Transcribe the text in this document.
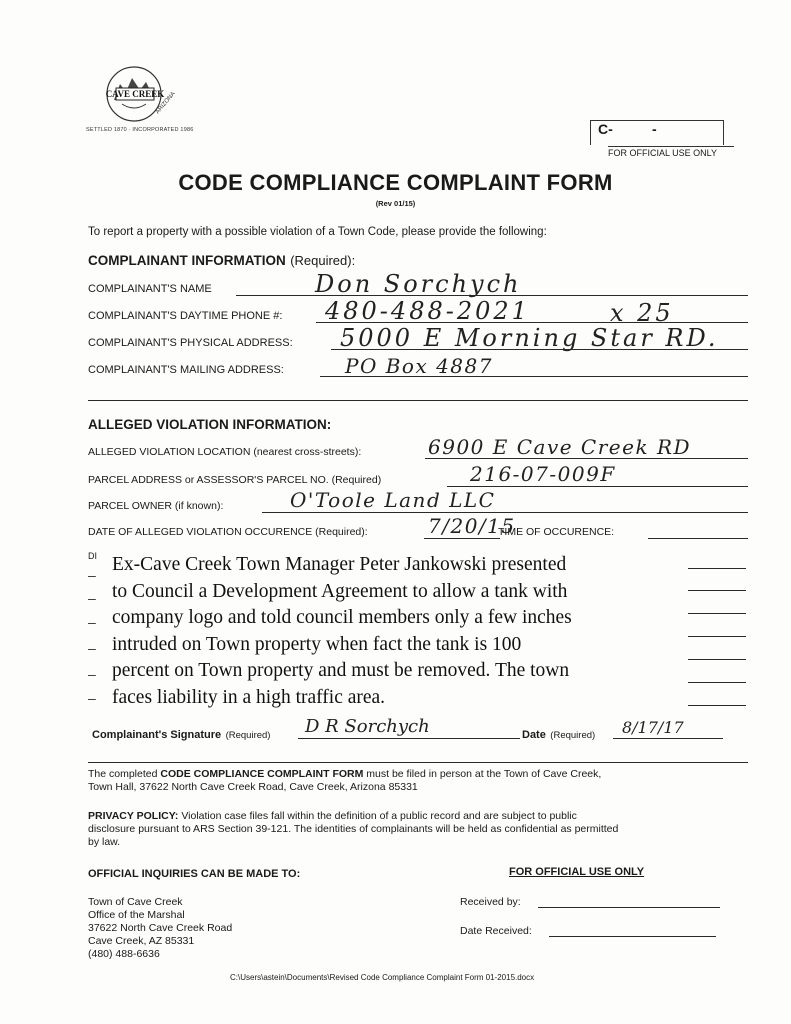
CAVE CREEK
ARIZONA
SETTLED 1870 · INCORPORATED 1986	C-	-
FOR OFFICIAL USE ONLY
CODE COMPLIANCE COMPLAINT FORM
(Rev 01/15)
To report a property with a possible violation of a Town Code, please provide the following:
COMPLAINANT INFORMATION (Required):
COMPLAINANT'S NAME	Don Sorchych
COMPLAINANT'S DAYTIME PHONE #: 480-488-2021	x 25
COMPLAINANT'S PHYSICAL ADDRESS: 5000 E Morning Star RD.
COMPLAINANT'S MAILING ADDRESS:	PO Box 4887
ALLEGED VIOLATION INFORMATION:
ALLEGED VIOLATION LOCATION (nearest cross-streets):	6900 E Cave Creek RD
PARCEL ADDRESS or ASSESSOR'S PARCEL NO. (Required)	216-07-009F
PARCEL OWNER (if known):	O'Toole Land LLC
DATE OF ALLEGED VIOLATION OCCURENCE (Required):	7/20/15
TIME OF OCCURENCE:
DI
‒
‒
‒
‒
‒
‒
Ex-Cave Creek Town Manager Peter Jankowski presented
to Council a Development Agreement to allow a tank with
company logo and told council members only a few inches
intruded on Town property when fact the tank is 100
percent on Town property and must be removed. The town
faces liability in a high traffic area.
Complainant's Signature (Required) D R Sorchych	Date (Required) 8/17/17
The completed CODE COMPLIANCE COMPLAINT FORM must be filed in person at the Town of Cave Creek,
Town Hall, 37622 North Cave Creek Road, Cave Creek, Arizona 85331
PRIVACY POLICY: Violation case files fall within the definition of a public record and are subject to public
disclosure pursuant to ARS Section 39-121. The identities of complainants will be held as confidential as permitted
by law.
OFFICIAL INQUIRIES CAN BE MADE TO:	FOR OFFICIAL USE ONLY
Town of Cave Creek
Office of the Marshal
37622 North Cave Creek Road
Cave Creek, AZ 85331
(480) 488-6636
Received by:
Date Received:
C:\Users\astein\Documents\Revised Code Compliance Complaint Form 01-2015.docx
